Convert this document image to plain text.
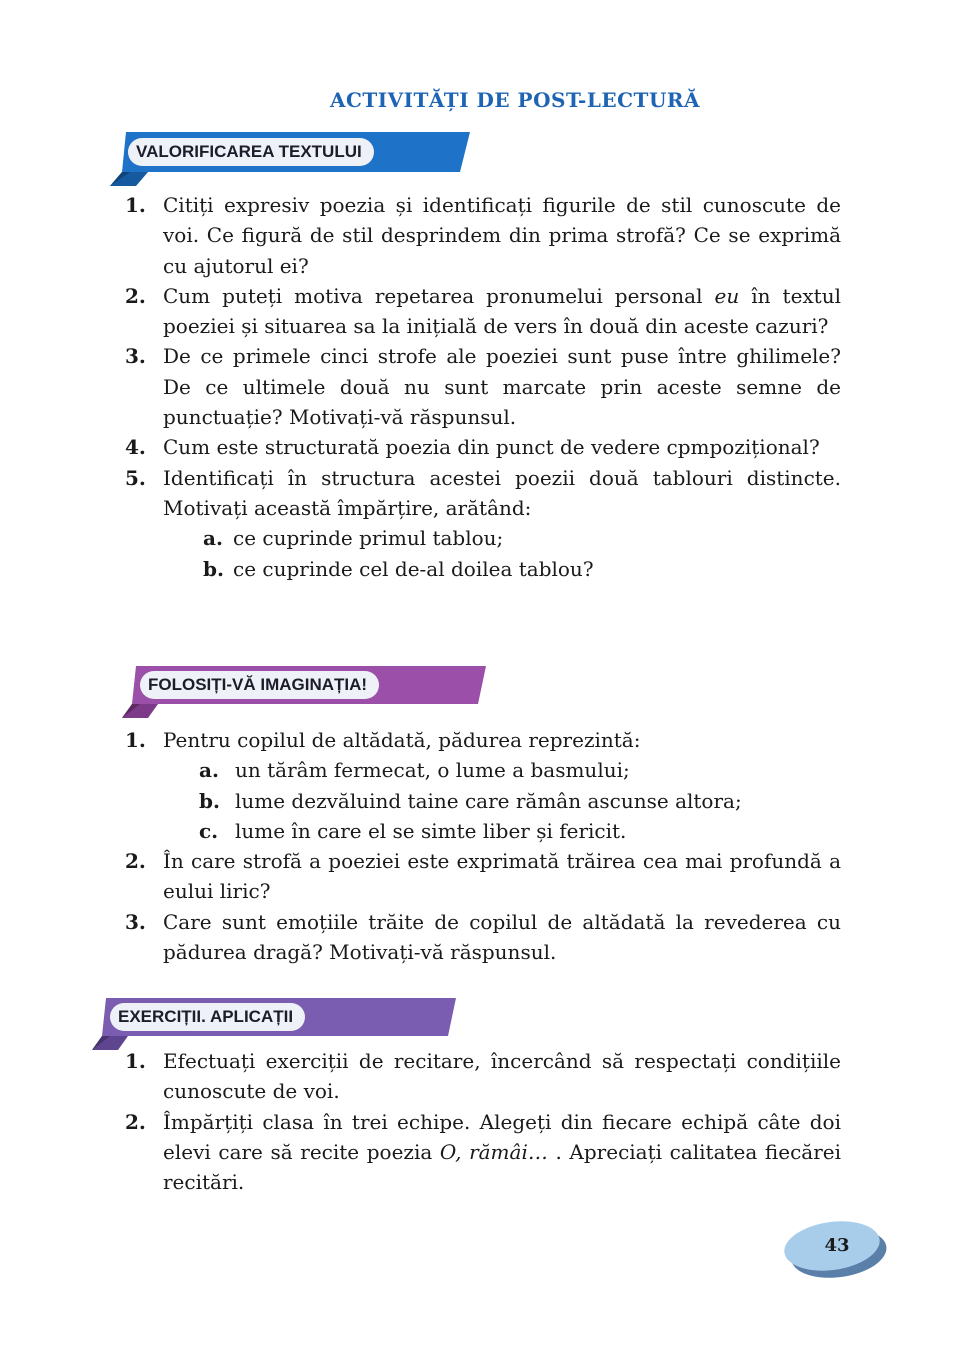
ACTIVITĂȚI DE POST-LECTURĂ
VALORIFICAREA TEXTULUI
1. Citiți expresiv poezia și identificați figurile de stil cunoscute de voi. Ce figură de stil desprindem din prima strofă? Ce se exprimă cu ajutorul ei?
2. Cum puteți motiva repetarea pronumelui personal eu în textul poeziei și situarea sa la inițială de vers în două din aceste cazuri?
3. De ce primele cinci strofe ale poeziei sunt puse între ghilimele? De ce ultimele două nu sunt marcate prin aceste semne de punctuație? Motivați-vă răspunsul.
4. Cum este structurată poezia din punct de vedere cpmpozițional?
5. Identificați în structura acestei poezii două tablouri distincte. Motivați această împărțire, arătând:
a. ce cuprinde primul tablou;
b. ce cuprinde cel de-al doilea tablou?
FOLOSIȚI-VĂ IMAGINAȚIA!
1. Pentru copilul de altădată, pădurea reprezintă:
a. un tărâm fermecat, o lume a basmului;
b. lume dezvăluind taine care rămân ascunse altora;
c. lume în care el se simte liber și fericit.
2. În care strofă a poeziei este exprimată trăirea cea mai profundă a eului liric?
3. Care sunt emoțiile trăite de copilul de altădată la revederea cu pădurea dragă? Motivați-vă răspunsul.
EXERCIȚII. APLICAȚII
1. Efectuați exerciții de recitare, încercând să respectați condițiile cunoscute de voi.
2. Împărțiți clasa în trei echipe. Alegeți din fiecare echipă câte doi elevi care să recite poezia O, rămâi… . Apreciați calitatea fiecărei recitări.
43
